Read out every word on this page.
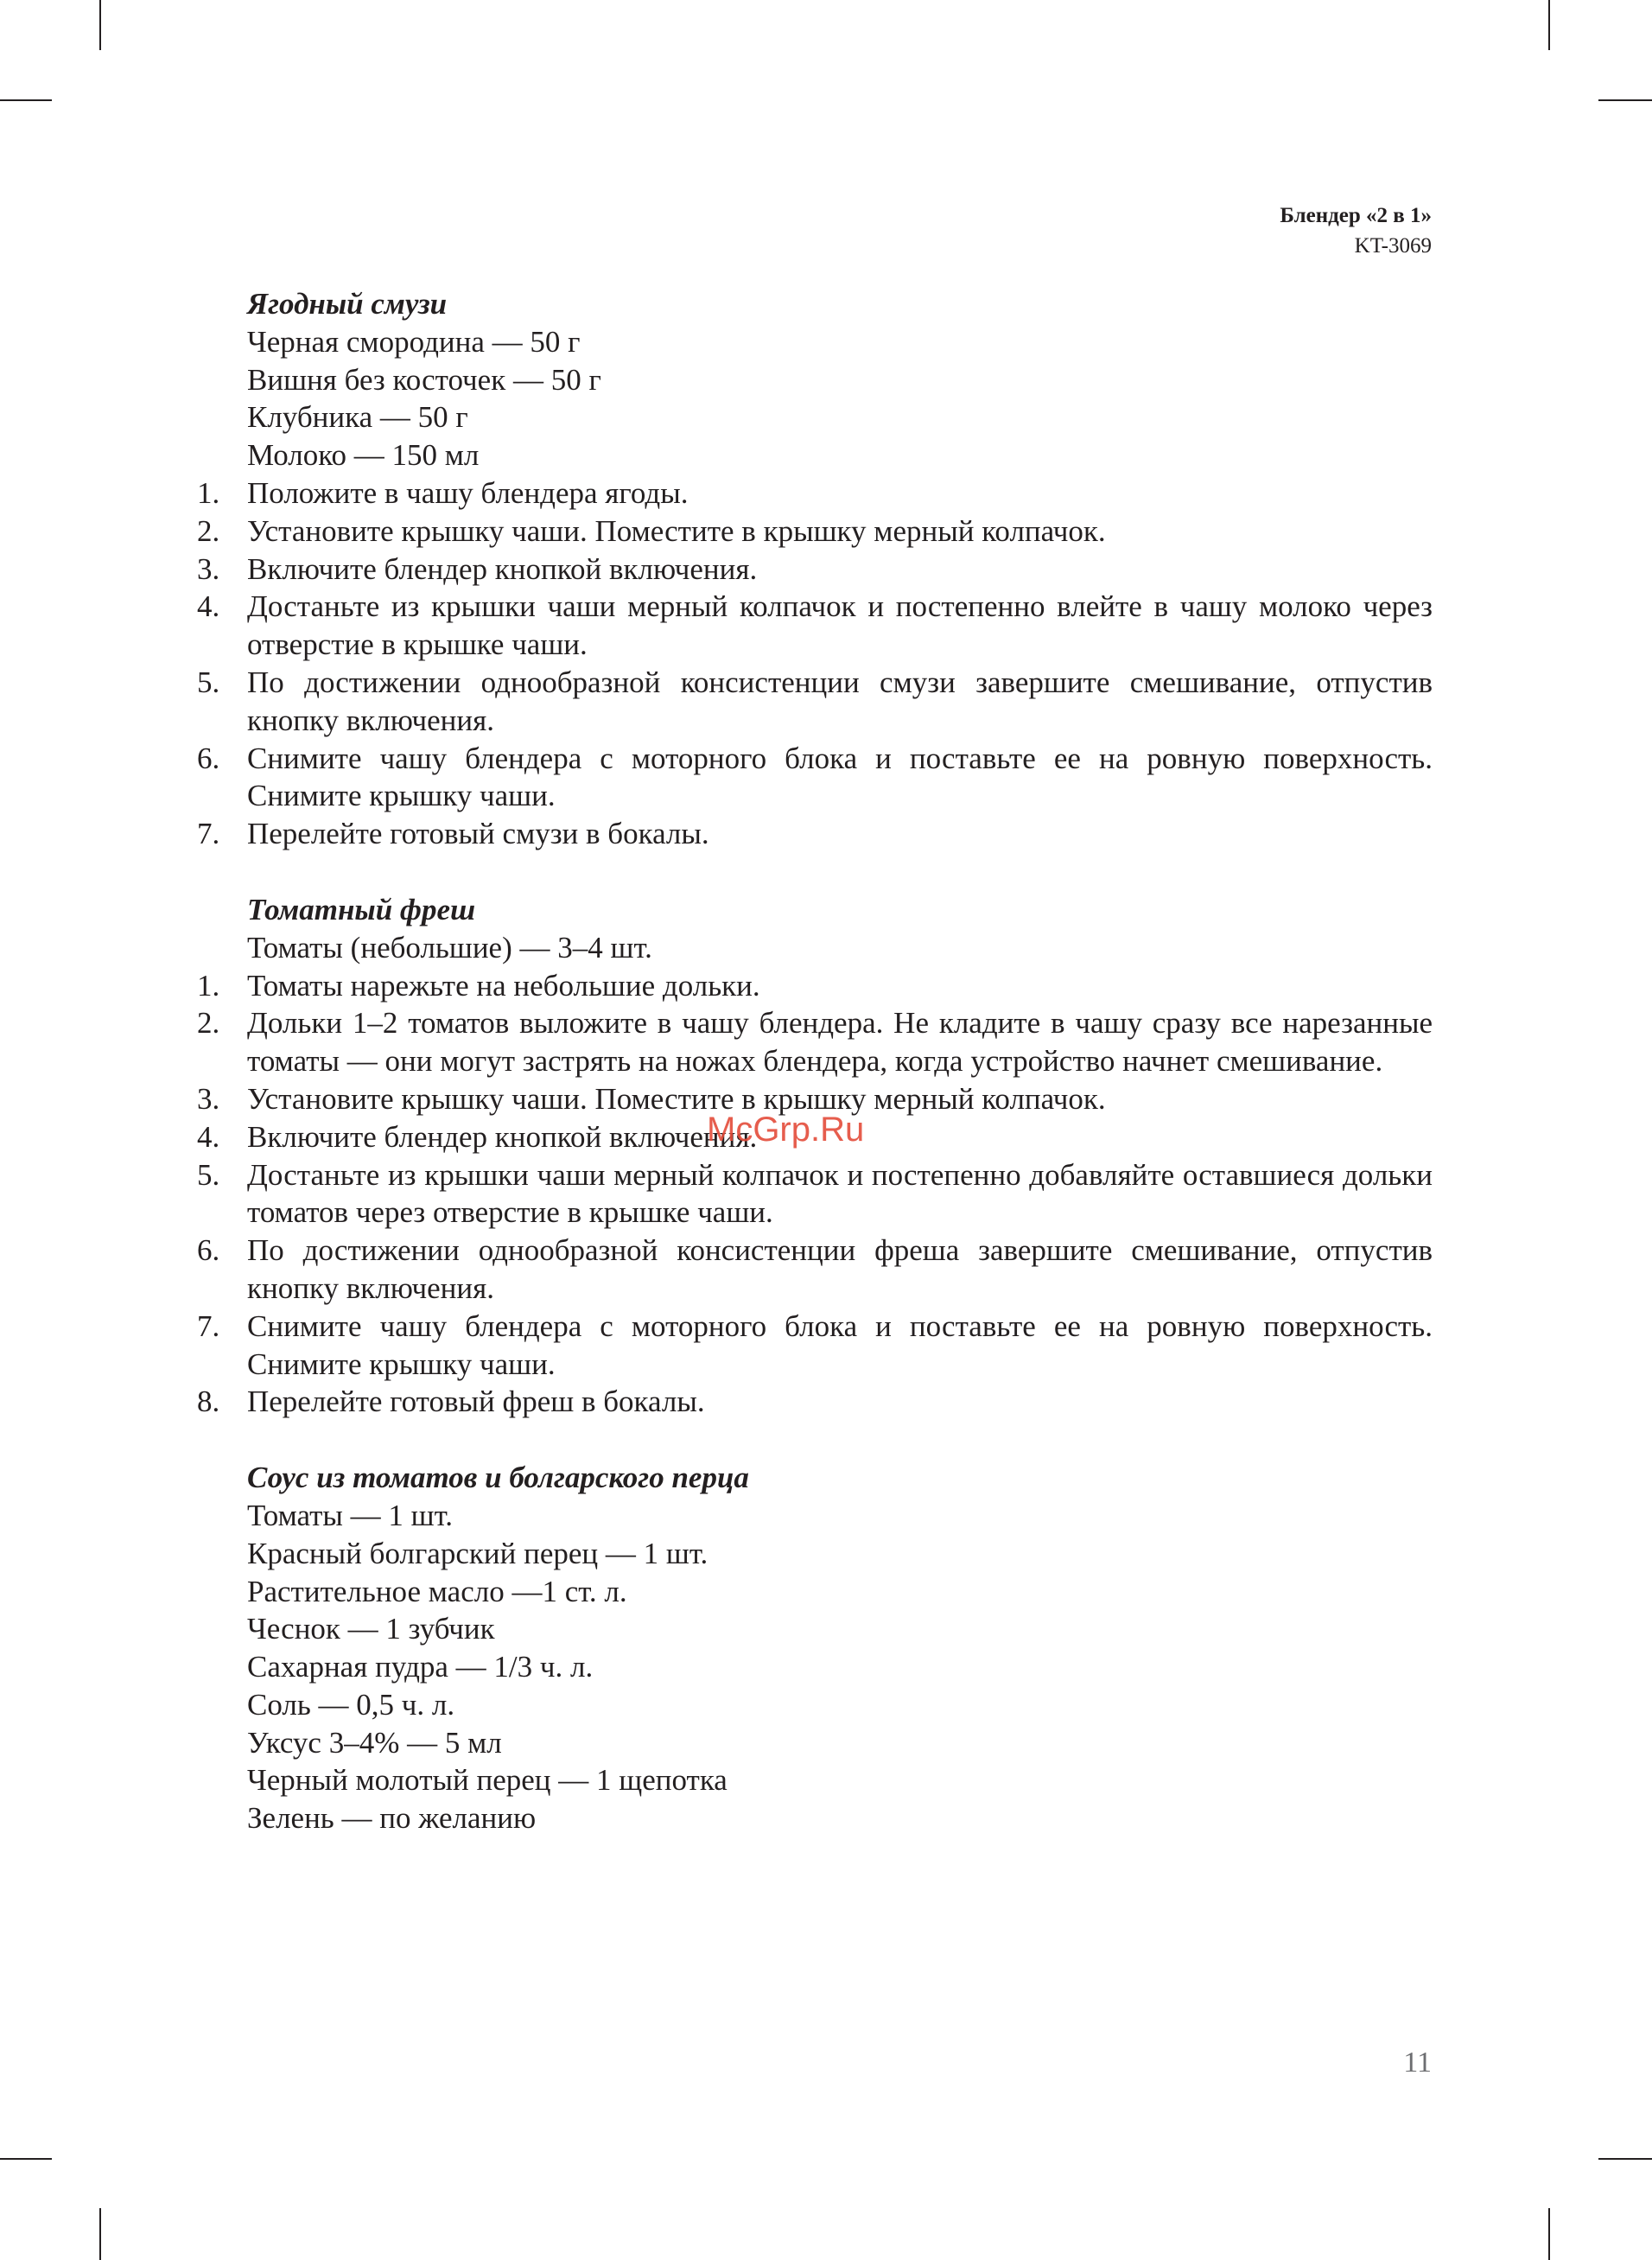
Блендер «2 в 1»
KT-3069
Ягодный смузи
Черная смородина — 50 г
Вишня без косточек — 50 г
Клубника — 50 г
Молоко — 150 мл
1. Положите в чашу блендера ягоды.
2. Установите крышку чаши. Поместите в крышку мерный колпачок.
3. Включите блендер кнопкой включения.
4. Достаньте из крышки чаши мерный колпачок и постепенно влейте в чашу молоко через отверстие в крышке чаши.
5. По достижении однообразной консистенции смузи завершите смешивание, отпустив кнопку включения.
6. Снимите чашу блендера с моторного блока и поставьте ее на ровную поверхность. Снимите крышку чаши.
7. Перелейте готовый смузи в бокалы.
Томатный фреш
Томаты (небольшие) — 3–4 шт.
1. Томаты нарежьте на небольшие дольки.
2. Дольки 1–2 томатов выложите в чашу блендера. Не кладите в чашу сразу все нарезанные томаты — они могут застрять на ножах блендера, когда устройство начнет смешивание.
3. Установите крышку чаши. Поместите в крышку мерный колпачок.
4. Включите блендер кнопкой включения.
5. Достаньте из крышки чаши мерный колпачок и постепенно добавляйте оставшиеся дольки томатов через отверстие в крышке чаши.
6. По достижении однообразной консистенции фреша завершите смешивание, отпустив кнопку включения.
7. Снимите чашу блендера с моторного блока и поставьте ее на ровную поверхность. Снимите крышку чаши.
8. Перелейте готовый фреш в бокалы.
Соус из томатов и болгарского перца
Томаты — 1 шт.
Красный болгарский перец — 1 шт.
Растительное масло —1 ст. л.
Чеснок — 1 зубчик
Сахарная пудра — 1/3 ч. л.
Соль — 0,5 ч. л.
Уксус 3–4% — 5 мл
Черный молотый перец — 1 щепотка
Зелень — по желанию
McGrp.Ru
11
